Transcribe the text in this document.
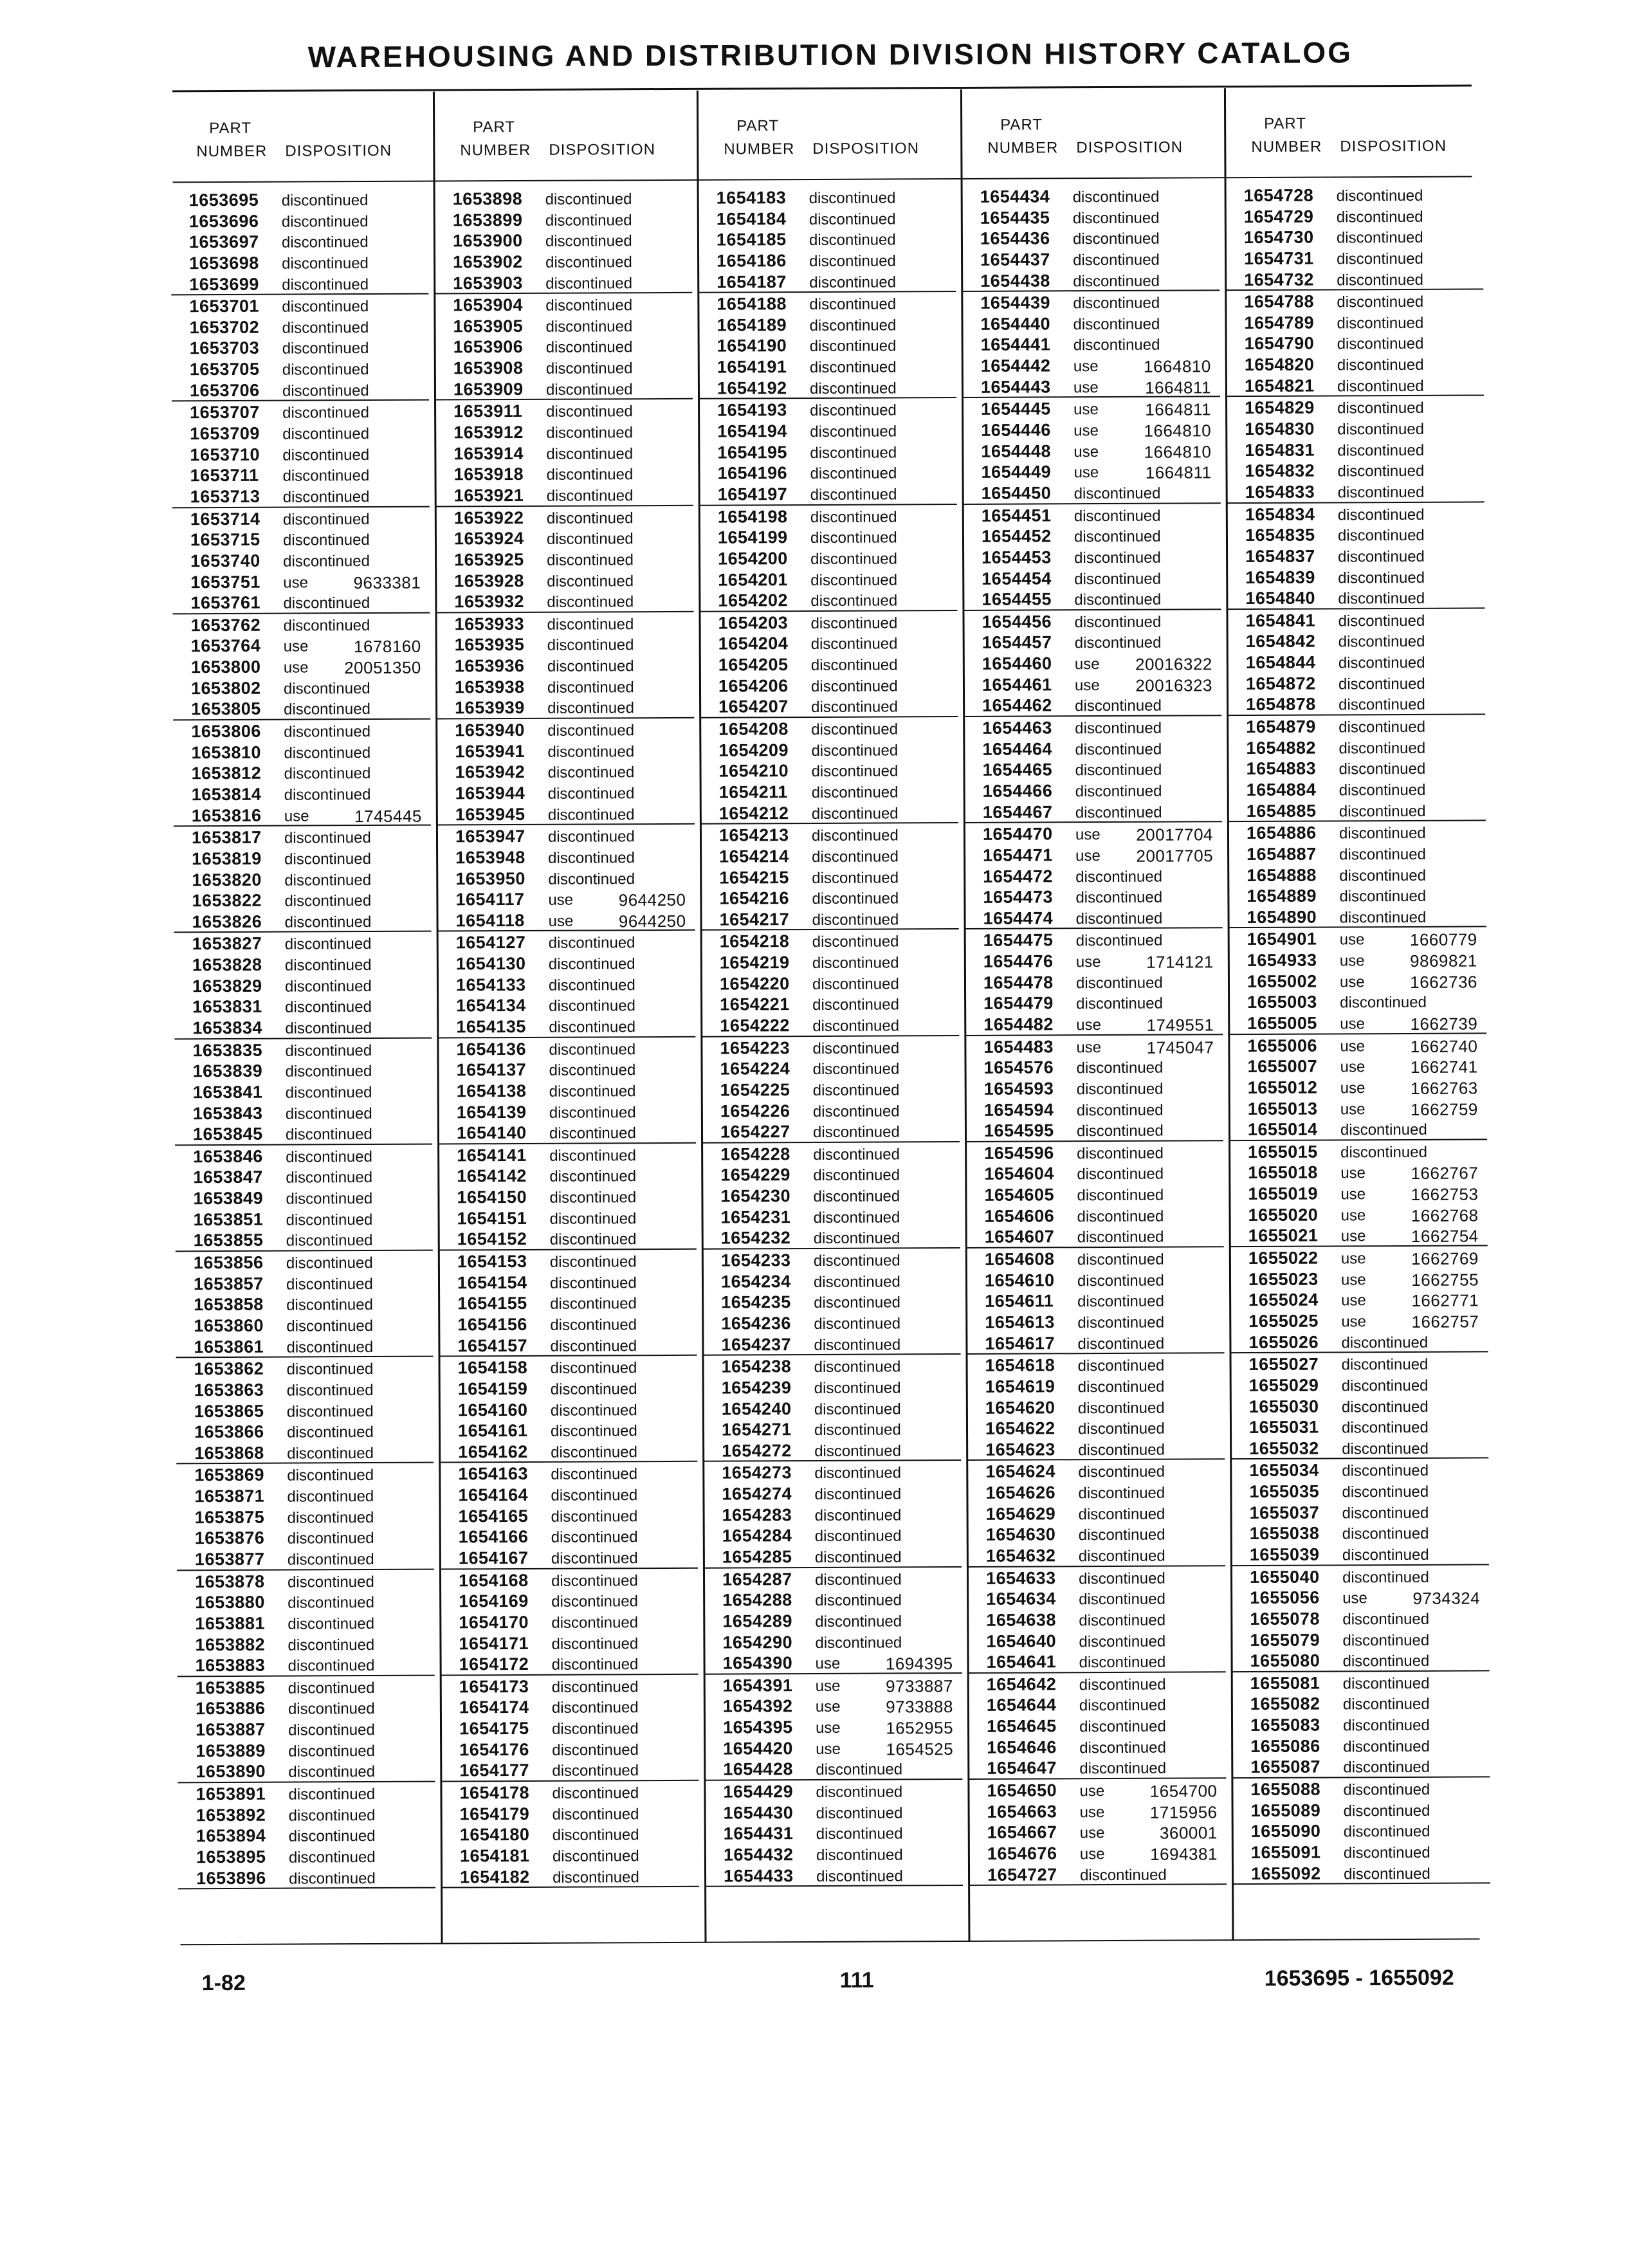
WAREHOUSING AND DISTRIBUTION DIVISION HISTORY CATALOG
PART
NUMBER DISPOSITION
1653695 discontinued
1653696 discontinued
1653697 discontinued
1653698 discontinued
1653699 discontinued
1653701 discontinued
1653702 discontinued
1653703 discontinued
1653705 discontinued
1653706 discontinued
1653707 discontinued
1653709 discontinued
1653710 discontinued
1653711 discontinued
1653713 discontinued
1653714 discontinued
1653715 discontinued
1653740 discontinued
1653751 use	9633381
1653761 discontinued
1653762 discontinued
1653764 use	1678160
1653800 use 20051350
1653802 discontinued
1653805 discontinued
1653806 discontinued
1653810 discontinued
1653812 discontinued
1653814 discontinued
1653816 use	1745445
1653817 discontinued
1653819 discontinued
1653820 discontinued
1653822 discontinued
1653826 discontinued
1653827 discontinued
1653828 discontinued
1653829 discontinued
1653831 discontinued
1653834 discontinued
1653835 discontinued
1653839 discontinued
1653841 discontinued
1653843 discontinued
1653845 discontinued
1653846 discontinued
1653847 discontinued
1653849 discontinued
1653851 discontinued
1653855 discontinued
1653856 discontinued
1653857 discontinued
1653858 discontinued
1653860 discontinued
1653861 discontinued
1653862 discontinued
1653863 discontinued
1653865 discontinued
1653866 discontinued
1653868 discontinued
1653869 discontinued
1653871 discontinued
1653875 discontinued
1653876 discontinued
1653877 discontinued
1653878 discontinued
1653880 discontinued
1653881 discontinued
1653882 discontinued
1653883 discontinued
1653885 discontinued
1653886 discontinued
1653887 discontinued
1653889 discontinued
1653890 discontinued
1653891 discontinued
1653892 discontinued
1653894 discontinued
1653895 discontinued
1653896 discontinued
PART
NUMBER DISPOSITION
1653898 discontinued
1653899 discontinued
1653900 discontinued
1653902 discontinued
1653903 discontinued
1653904 discontinued
1653905 discontinued
1653906 discontinued
1653908 discontinued
1653909 discontinued
1653911 discontinued
1653912 discontinued
1653914 discontinued
1653918 discontinued
1653921 discontinued
1653922 discontinued
1653924 discontinued
1653925 discontinued
1653928 discontinued
1653932 discontinued
1653933 discontinued
1653935 discontinued
1653936 discontinued
1653938 discontinued
1653939 discontinued
1653940 discontinued
1653941 discontinued
1653942 discontinued
1653944 discontinued
1653945 discontinued
1653947 discontinued
1653948 discontinued
1653950 discontinued
1654117 use	9644250
1654118 use	9644250
1654127 discontinued
1654130 discontinued
1654133 discontinued
1654134 discontinued
1654135 discontinued
1654136 discontinued
1654137 discontinued
1654138 discontinued
1654139 discontinued
1654140 discontinued
1654141 discontinued
1654142 discontinued
1654150 discontinued
1654151 discontinued
1654152 discontinued
1654153 discontinued
1654154 discontinued
1654155 discontinued
1654156 discontinued
1654157 discontinued
1654158 discontinued
1654159 discontinued
1654160 discontinued
1654161 discontinued
1654162 discontinued
1654163 discontinued
1654164 discontinued
1654165 discontinued
1654166 discontinued
1654167 discontinued
1654168 discontinued
1654169 discontinued
1654170 discontinued
1654171 discontinued
1654172 discontinued
1654173 discontinued
1654174 discontinued
1654175 discontinued
1654176 discontinued
1654177 discontinued
1654178 discontinued
1654179 discontinued
1654180 discontinued
1654181 discontinued
1654182 discontinued
PART
NUMBER DISPOSITION
1654183 discontinued
1654184 discontinued
1654185 discontinued
1654186 discontinued
1654187 discontinued
1654188 discontinued
1654189 discontinued
1654190 discontinued
1654191 discontinued
1654192 discontinued
1654193 discontinued
1654194 discontinued
1654195 discontinued
1654196 discontinued
1654197 discontinued
1654198 discontinued
1654199 discontinued
1654200 discontinued
1654201 discontinued
1654202 discontinued
1654203 discontinued
1654204 discontinued
1654205 discontinued
1654206 discontinued
1654207 discontinued
1654208 discontinued
1654209 discontinued
1654210 discontinued
1654211 discontinued
1654212 discontinued
1654213 discontinued
1654214 discontinued
1654215 discontinued
1654216 discontinued
1654217 discontinued
1654218 discontinued
1654219 discontinued
1654220 discontinued
1654221 discontinued
1654222 discontinued
1654223 discontinued
1654224 discontinued
1654225 discontinued
1654226 discontinued
1654227 discontinued
1654228 discontinued
1654229 discontinued
1654230 discontinued
1654231 discontinued
1654232 discontinued
1654233 discontinued
1654234 discontinued
1654235 discontinued
1654236 discontinued
1654237 discontinued
1654238 discontinued
1654239 discontinued
1654240 discontinued
1654271 discontinued
1654272 discontinued
1654273 discontinued
1654274 discontinued
1654283 discontinued
1654284 discontinued
1654285 discontinued
1654287 discontinued
1654288 discontinued
1654289 discontinued
1654290 discontinued
1654390 use	1694395
1654391 use	9733887
1654392 use	9733888
1654395 use	1652955
1654420 use	1654525
1654428 discontinued
1654429 discontinued
1654430 discontinued
1654431 discontinued
1654432 discontinued
1654433 discontinued
PART
NUMBER DISPOSITION
1654434 discontinued
1654435 discontinued
1654436 discontinued
1654437 discontinued
1654438 discontinued
1654439 discontinued
1654440 discontinued
1654441 discontinued
1654442 use	1664810
1654443 use	1664811
1654445 use	1664811
1654446 use	1664810
1654448 use	1664810
1654449 use	1664811
1654450 discontinued
1654451 discontinued
1654452 discontinued
1654453 discontinued
1654454 discontinued
1654455 discontinued
1654456 discontinued
1654457 discontinued
1654460 use 20016322
1654461 use 20016323
1654462 discontinued
1654463 discontinued
1654464 discontinued
1654465 discontinued
1654466 discontinued
1654467 discontinued
1654470 use 20017704
1654471 use 20017705
1654472 discontinued
1654473 discontinued
1654474 discontinued
1654475 discontinued
1654476 use	1714121
1654478 discontinued
1654479 discontinued
1654482 use	1749551
1654483 use	1745047
1654576 discontinued
1654593 discontinued
1654594 discontinued
1654595 discontinued
1654596 discontinued
1654604 discontinued
1654605 discontinued
1654606 discontinued
1654607 discontinued
1654608 discontinued
1654610 discontinued
1654611 discontinued
1654613 discontinued
1654617 discontinued
1654618 discontinued
1654619 discontinued
1654620 discontinued
1654622 discontinued
1654623 discontinued
1654624 discontinued
1654626 discontinued
1654629 discontinued
1654630 discontinued
1654632 discontinued
1654633 discontinued
1654634 discontinued
1654638 discontinued
1654640 discontinued
1654641 discontinued
1654642 discontinued
1654644 discontinued
1654645 discontinued
1654646 discontinued
1654647 discontinued
1654650 use	1654700
1654663 use	1715956
1654667 use	360001
1654676 use	1694381
1654727 discontinued
PART
NUMBER DISPOSITION
1654728 discontinued
1654729 discontinued
1654730 discontinued
1654731 discontinued
1654732 discontinued
1654788 discontinued
1654789 discontinued
1654790 discontinued
1654820 discontinued
1654821 discontinued
1654829 discontinued
1654830 discontinued
1654831 discontinued
1654832 discontinued
1654833 discontinued
1654834 discontinued
1654835 discontinued
1654837 discontinued
1654839 discontinued
1654840 discontinued
1654841 discontinued
1654842 discontinued
1654844 discontinued
1654872 discontinued
1654878 discontinued
1654879 discontinued
1654882 discontinued
1654883 discontinued
1654884 discontinued
1654885 discontinued
1654886 discontinued
1654887 discontinued
1654888 discontinued
1654889 discontinued
1654890 discontinued
1654901 use	1660779
1654933 use	9869821
1655002 use	1662736
1655003 discontinued
1655005 use	1662739
1655006 use	1662740
1655007 use	1662741
1655012 use	1662763
1655013 use	1662759
1655014 discontinued
1655015 discontinued
1655018 use	1662767
1655019 use	1662753
1655020 use	1662768
1655021 use	1662754
1655022 use	1662769
1655023 use	1662755
1655024 use	1662771
1655025 use	1662757
1655026 discontinued
1655027 discontinued
1655029 discontinued
1655030 discontinued
1655031 discontinued
1655032 discontinued
1655034 discontinued
1655035 discontinued
1655037 discontinued
1655038 discontinued
1655039 discontinued
1655040 discontinued
1655056 use	9734324
1655078 discontinued
1655079 discontinued
1655080 discontinued
1655081 discontinued
1655082 discontinued
1655083 discontinued
1655086 discontinued
1655087 discontinued
1655088 discontinued
1655089 discontinued
1655090 discontinued
1655091 discontinued
1655092 discontinued
1-82	111	1653695 - 1655092
